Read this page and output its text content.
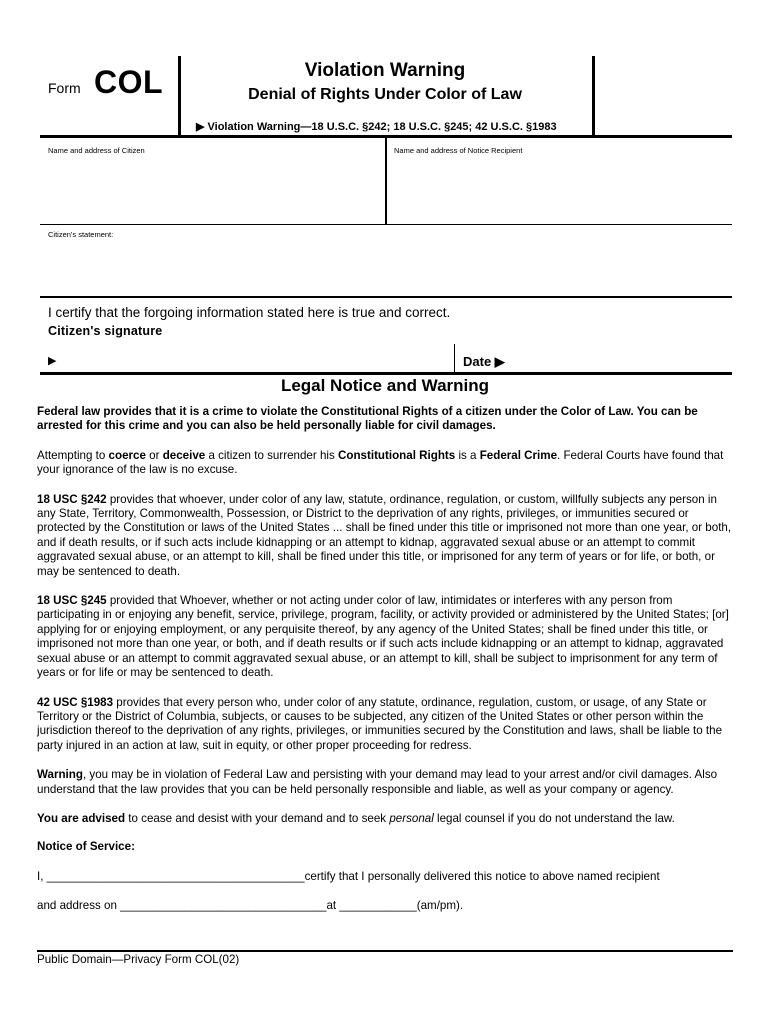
Form COL	Violation Warning
Denial of Rights Under Color of Law
▶ Violation Warning—18 U.S.C. §242; 18 U.S.C. §245; 42 U.S.C. §1983
Name and address of Citizen	Name and address of Notice Recipient
Citizen's statement:
I certify that the forgoing information stated here is true and correct.
Citizen's signature
▶	Date ▶
Legal Notice and Warning

Federal law provides that it is a crime to violate the Constitutional Rights of a citizen under the Color of Law. You can be arrested for this crime and you can also be held personally liable for civil damages.

Attempting to coerce or deceive a citizen to surrender his Constitutional Rights is a Federal Crime. Federal Courts have found that your ignorance of the law is no excuse.

18 USC §242 provides that whoever, under color of any law, statute, ordinance, regulation, or custom, willfully subjects any person in any State, Territory, Commonwealth, Possession, or District to the deprivation of any rights, privileges, or immunities secured or protected by the Constitution or laws of the United States ... shall be fined under this title or imprisoned not more than one year, or both, and if death results, or if such acts include kidnapping or an attempt to kidnap, aggravated sexual abuse or an attempt to commit aggravated sexual abuse, or an attempt to kill, shall be fined under this title, or imprisoned for any term of years or for life, or both, or may be sentenced to death.

18 USC §245 provided that Whoever, whether or not acting under color of law, intimidates or interferes with any person from participating in or enjoying any benefit, service, privilege, program, facility, or activity provided or administered by the United States; [or] applying for or enjoying employment, or any perquisite thereof, by any agency of the United States; shall be fined under this title, or imprisoned not more than one year, or both, and if death results or if such acts include kidnapping or an attempt to kidnap, aggravated sexual abuse or an attempt to commit aggravated sexual abuse, or an attempt to kill, shall be subject to imprisonment for any term of years or for life or may be sentenced to death.

42 USC §1983 provides that every person who, under color of any statute, ordinance, regulation, custom, or usage, of any State or Territory or the District of Columbia, subjects, or causes to be subjected, any citizen of the United States or other person within the jurisdiction thereof to the deprivation of any rights, privileges, or immunities secured by the Constitution and laws, shall be liable to the party injured in an action at law, suit in equity, or other proper proceeding for redress.

Warning, you may be in violation of Federal Law and persisting with your demand may lead to your arrest and/or civil damages. Also understand that the law provides that you can be held personally responsible and liable, as well as your company or agency.

You are advised to cease and desist with your demand and to seek personal legal counsel if you do not understand the law.

Notice of Service:

I, ________________________________________certify that I personally delivered this notice to above named recipient

and address on ________________________________at ____________(am/pm).

Public Domain—Privacy Form COL(02)
